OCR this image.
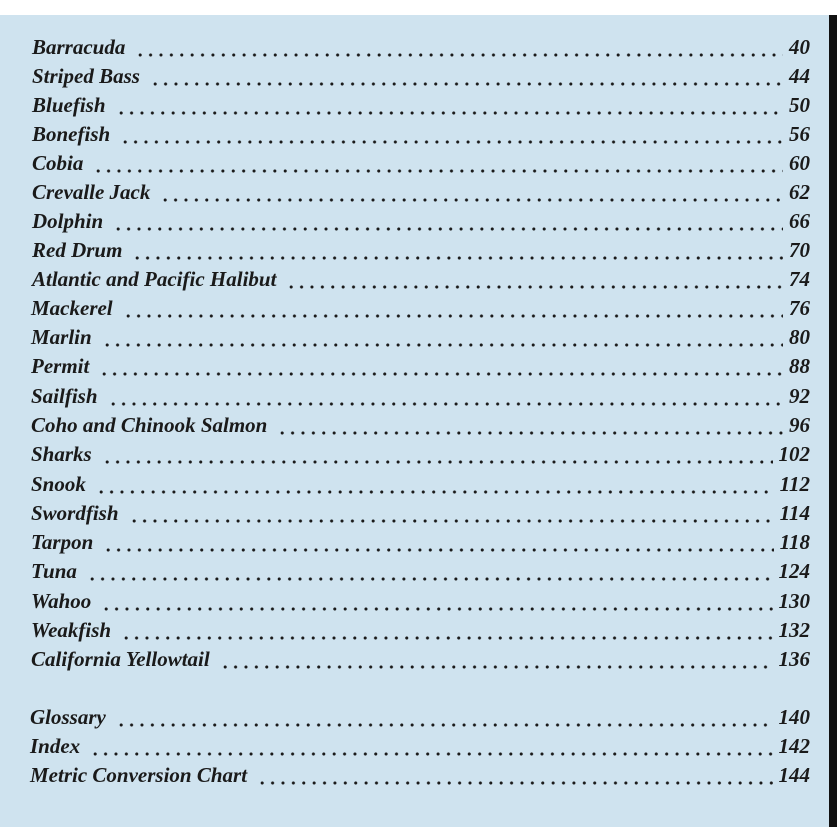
Barracuda	40
Striped Bass	44
Bluefish	50
Bonefish	56
Cobia	60
Crevalle Jack	62
Dolphin	66
Red Drum	70
Atlantic and Pacific Halibut	74
Mackerel	76
Marlin	80
Permit	88
Sailfish	92
Coho and Chinook Salmon	96
Sharks	102
Snook	112
Swordfish	114
Tarpon	118
Tuna	124
Wahoo	130
Weakfish	132
California Yellowtail	136
Glossary	140
Index	142
Metric Conversion Chart	144
